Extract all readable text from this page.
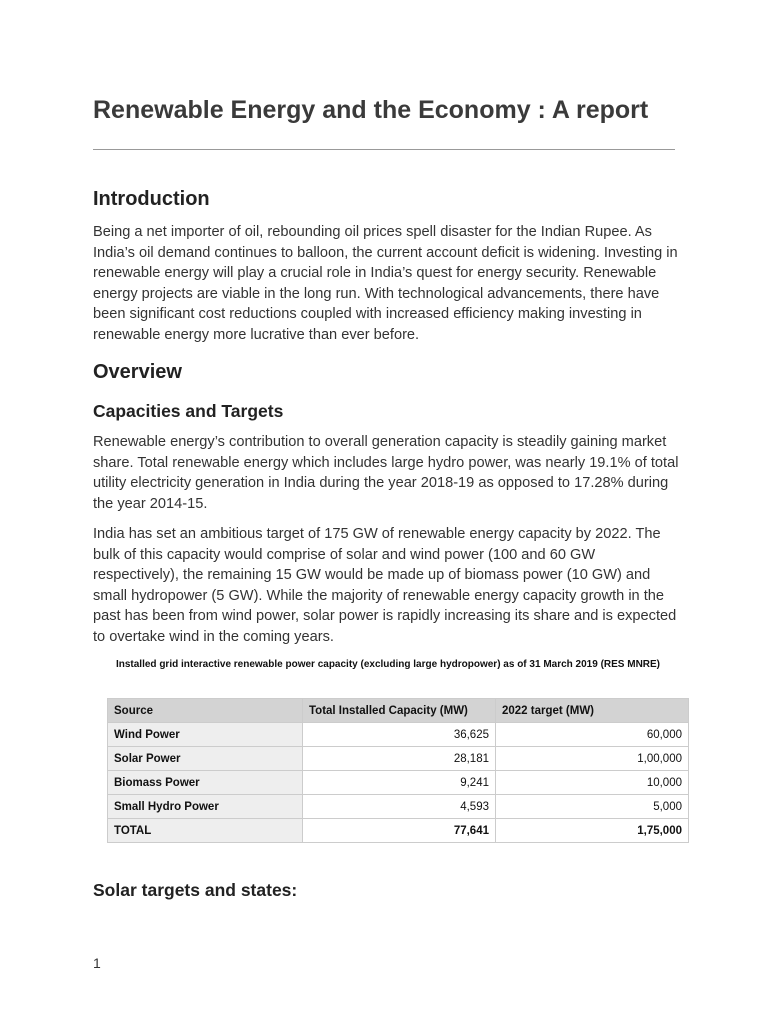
Renewable Energy and the Economy : A report
Introduction

Being a net importer of oil, rebounding oil prices spell disaster for the Indian Rupee. As India’s oil demand continues to balloon, the current account deficit is widening. Investing in renewable energy will play a crucial role in India’s quest for energy security. Renewable energy projects are viable in the long run. With technological advancements, there have been significant cost reductions coupled with increased efficiency making investing in renewable energy more lucrative than ever before.

Overview
Capacities and Targets

Renewable energy’s contribution to overall generation capacity is steadily gaining market share. Total renewable energy which includes large hydro power, was nearly 19.1% of total utility electricity generation in India during the year 2018-19 as opposed to 17.28% during the year 2014-15.

India has set an ambitious target of 175 GW of renewable energy capacity by 2022. The bulk of this capacity would comprise of solar and wind power (100 and 60 GW respectively), the remaining 15 GW would be made up of biomass power (10 GW) and small hydropower (5 GW). While the majority of renewable energy capacity growth in the past has been from wind power, solar power is rapidly increasing its share and is expected to overtake wind in the coming years.

Installed grid interactive renewable power capacity (excluding large hydropower) as of 31 March 2019 (RES MNRE)
Source	Total Installed Capacity (MW)	2022 target (MW)
Wind Power	36,625	60,000
Solar Power	28,181	1,00,000
Biomass Power	9,241	10,000
Small Hydro Power	4,593	5,000
TOTAL	77,641	1,75,000
Solar targets and states:
1
